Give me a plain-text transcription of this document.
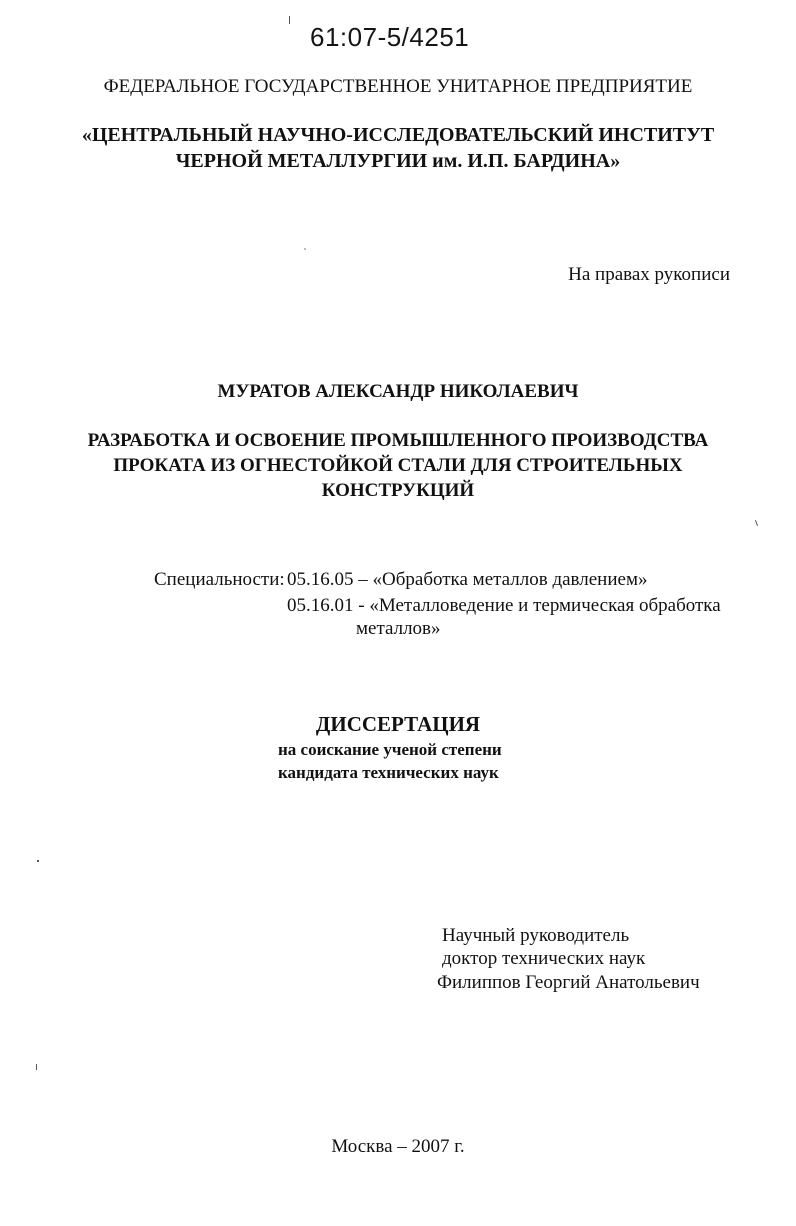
61:07-5/4251
ФЕДЕРАЛЬНОЕ ГОСУДАРСТВЕННОЕ УНИТАРНОЕ ПРЕДПРИЯТИЕ
«ЦЕНТРАЛЬНЫЙ НАУЧНО-ИССЛЕДОВАТЕЛЬСКИЙ ИНСТИТУТ
ЧЕРНОЙ МЕТАЛЛУРГИИ им. И.П. БАРДИНА»
На правах рукописи
МУРАТОВ АЛЕКСАНДР НИКОЛАЕВИЧ
РАЗРАБОТКА И ОСВОЕНИЕ ПРОМЫШЛЕННОГО ПРОИЗВОДСТВА
ПРОКАТА ИЗ ОГНЕСТОЙКОЙ СТАЛИ ДЛЯ СТРОИТЕЛЬНЫХ
КОНСТРУКЦИЙ
Специальности: 05.16.05 – «Обработка металлов давлением»
05.16.01 - «Металловедение и термическая обработка
металлов»
ДИССЕРТАЦИЯ
на соискание ученой степени
кандидата технических наук
Научный руководитель
доктор технических наук
Филиппов Георгий Анатольевич
Москва – 2007 г.
